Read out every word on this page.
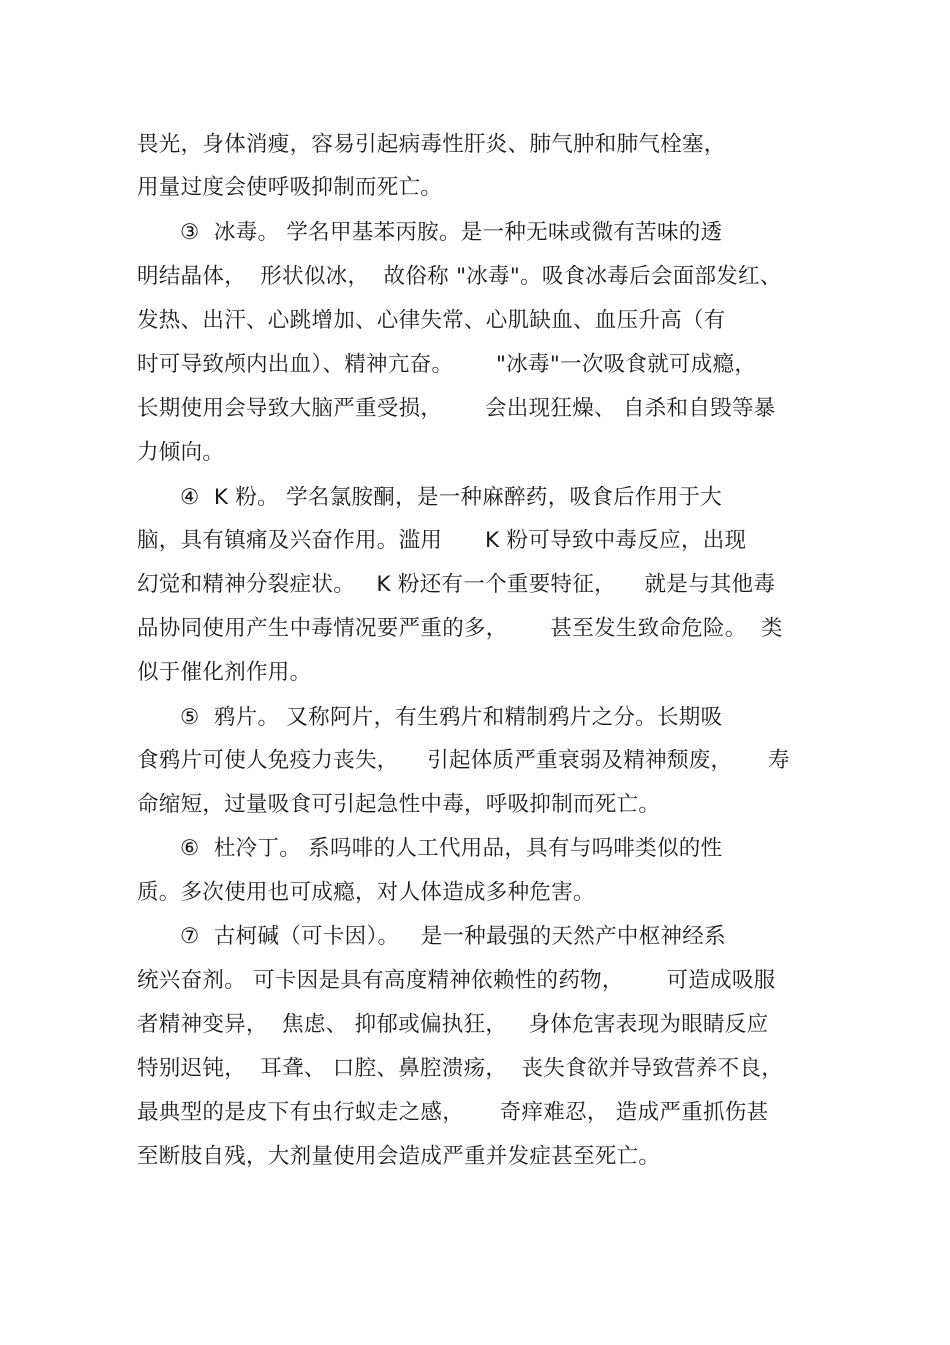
畏光，身体消瘦，容易引起病毒性肝炎、肺气肿和肺气栓塞，
用量过度会使呼吸抑制而死亡。
③  冰毒。 学名甲基苯丙胺。是一种无味或微有苦味的透
明结晶体，  形状似冰，  故俗称 "冰毒"。吸食冰毒后会面部发红、
发热、出汗、心跳增加、心律失常、心肌缺血、血压升高（有
时可导致颅内出血）、精神亢奋。      "冰毒"一次吸食就可成瘾，
长期使用会导致大脑严重受损，      会出现狂燥、 自杀和自毁等暴
力倾向。
④  K 粉。 学名氯胺酮，是一种麻醉药，吸食后作用于大
脑，具有镇痛及兴奋作用。滥用      K 粉可导致中毒反应，出现
幻觉和精神分裂症状。   K 粉还有一个重要特征，    就是与其他毒
品协同使用产生中毒情况要严重的多，      甚至发生致命危险。  类
似于催化剂作用。
⑤  鸦片。 又称阿片，有生鸦片和精制鸦片之分。长期吸
食鸦片可使人免疫力丧失，    引起体质严重衰弱及精神颓废，     寿
命缩短，过量吸食可引起急性中毒，呼吸抑制而死亡。
⑥  杜冷丁。 系吗啡的人工代用品，具有与吗啡类似的性
质。多次使用也可成瘾，对人体造成多种危害。
⑦  古柯碱（可卡因）。   是一种最强的天然产中枢神经系
统兴奋剂。 可卡因是具有高度精神依赖性的药物，      可造成吸服
者精神变异，  焦虑、 抑郁或偏执狂，   身体危害表现为眼睛反应
特别迟钝，  耳聋、 口腔、鼻腔溃疡，  丧失食欲并导致营养不良，
最典型的是皮下有虫行蚁走之感，     奇痒难忍， 造成严重抓伤甚
至断肢自残，大剂量使用会造成严重并发症甚至死亡。
